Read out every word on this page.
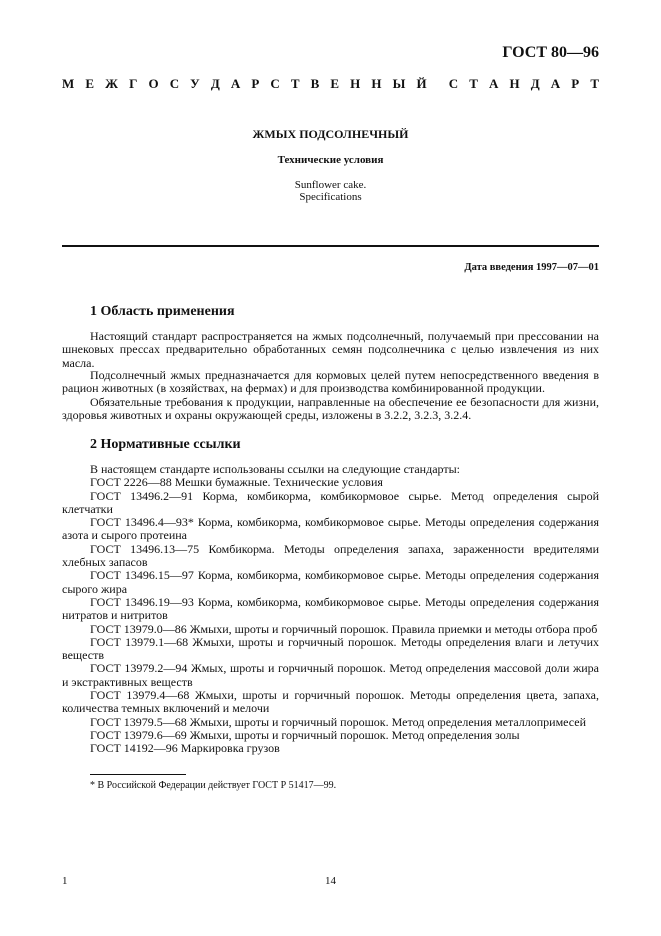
ГОСТ 80—96
М Е Ж Г О С У Д А Р С Т В Е Н Н Ы Й С Т А Н Д А Р Т
ЖМЫХ ПОДСОЛНЕЧНЫЙ
Технические условия
Sunflower cake.
Specifications
Дата введения 1997—07—01
1 Область применения

Настоящий стандарт распространяется на жмых подсолнечный, получаемый при прессовании на шнековых прессах предварительно обработанных семян подсолнечника с целью извлечения из них масла.

Подсолнечный жмых предназначается для кормовых целей путем непосредственного введения в рацион животных (в хозяйствах, на фермах) и для производства комбинированной продукции.

Обязательные требования к продукции, направленные на обеспечение ее безопасности для жизни, здоровья животных и охраны окружающей среды, изложены в 3.2.2, 3.2.3, 3.2.4.

2 Нормативные ссылки

В настоящем стандарте использованы ссылки на следующие стандарты:

ГОСТ 2226—88 Мешки бумажные. Технические условия

ГОСТ 13496.2—91 Корма, комбикорма, комбикормовое сырье. Метод определения сырой клетчатки

ГОСТ 13496.4—93* Корма, комбикорма, комбикормовое сырье. Методы определения содержания азота и сырого протеина

ГОСТ 13496.13—75 Комбикорма. Методы определения запаха, зараженности вредителями хлебных запасов

ГОСТ 13496.15—97 Корма, комбикорма, комбикормовое сырье. Методы определения содержания сырого жира

ГОСТ 13496.19—93 Корма, комбикорма, комбикормовое сырье. Методы определения содержания нитратов и нитритов

ГОСТ 13979.0—86 Жмыхи, шроты и горчичный порошок. Правила приемки и методы отбора проб

ГОСТ 13979.1—68 Жмыхи, шроты и горчичный порошок. Методы определения влаги и летучих веществ

ГОСТ 13979.2—94 Жмых, шроты и горчичный порошок. Метод определения массовой доли жира и экстрактивных веществ

ГОСТ 13979.4—68 Жмыхи, шроты и горчичный порошок. Методы определения цвета, запаха, количества темных включений и мелочи

ГОСТ 13979.5—68 Жмыхи, шроты и горчичный порошок. Метод определения металлопримесей

ГОСТ 13979.6—69 Жмыхи, шроты и горчичный порошок. Метод определения золы

ГОСТ 14192—96 Маркировка грузов

* В Российской Федерации действует ГОСТ Р 51417—99.
1	14
